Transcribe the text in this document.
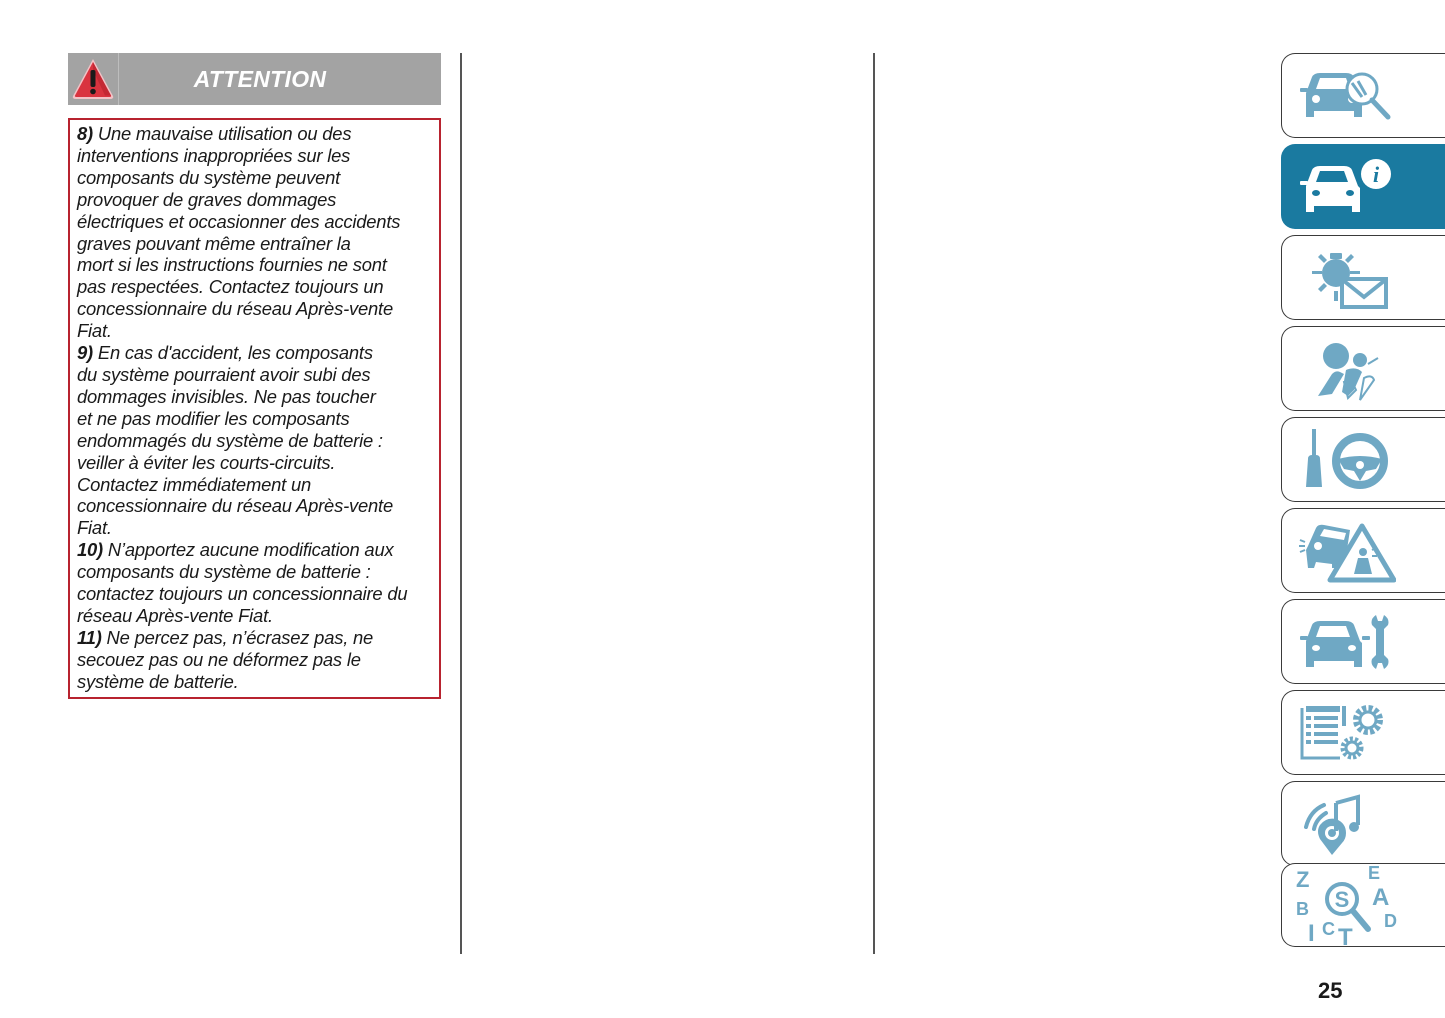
ATTENTION
8) Une mauvaise utilisation ou des
interventions inappropriées sur les
composants du système peuvent
provoquer de graves dommages
électriques et occasionner des accidents
graves pouvant même entraîner la
mort si les instructions fournies ne sont
pas respectées. Contactez toujours un
concessionnaire du réseau Après-vente
Fiat.
9) En cas d'accident, les composants
du système pourraient avoir subi des
dommages invisibles. Ne pas toucher
et ne pas modifier les composants
endommagés du système de batterie :
veiller à éviter les courts-circuits.
Contactez immédiatement un
concessionnaire du réseau Après-vente
Fiat.
10) N’apportez aucune modification aux
composants du système de batterie :
contactez toujours un concessionnaire du
réseau Après-vente Fiat.
11) Ne percez pas, n’écrasez pas, ne
secouez pas ou ne déformez pas le
système de batterie.
i
Z
B
I C T
E
A
D
S
25
